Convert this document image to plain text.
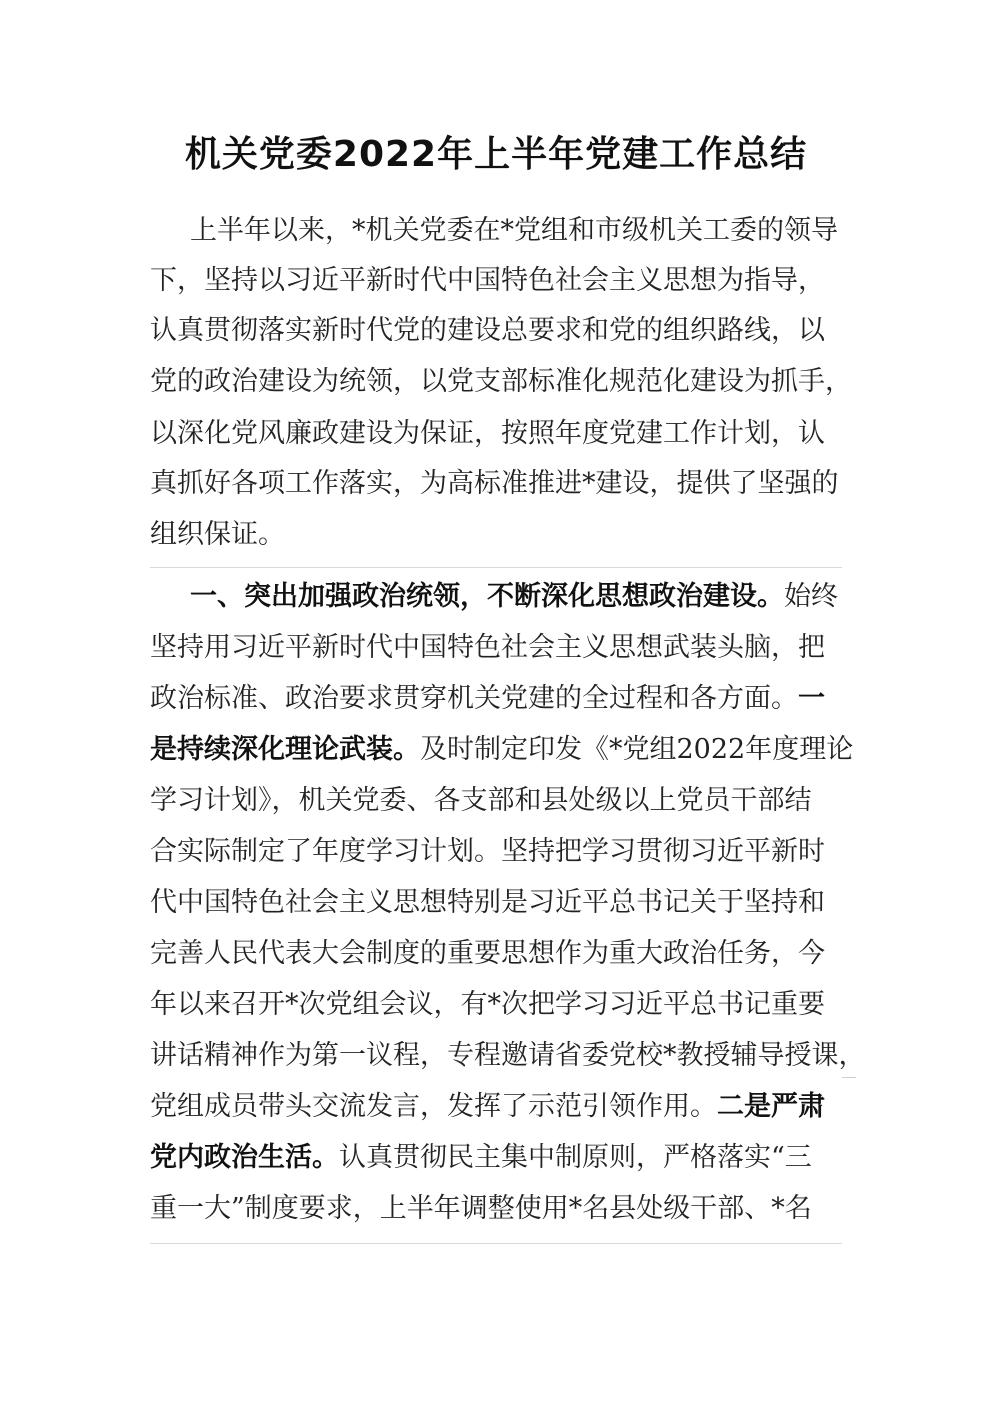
机关党委2022年上半年党建工作总结
上半年以来，*机关党委在*党组和市级机关工委的领导
下，坚持以习近平新时代中国特色社会主义思想为指导，
认真贯彻落实新时代党的建设总要求和党的组织路线，以
党的政治建设为统领，以党支部标准化规范化建设为抓手，
以深化党风廉政建设为保证，按照年度党建工作计划，认
真抓好各项工作落实，为高标准推进*建设，提供了坚强的
组织保证。
一、突出加强政治统领，不断深化思想政治建设。始终
坚持用习近平新时代中国特色社会主义思想武装头脑，把
政治标准、政治要求贯穿机关党建的全过程和各方面。一
是持续深化理论武装。及时制定印发《*党组2022年度理论
学习计划》，机关党委、各支部和县处级以上党员干部结
合实际制定了年度学习计划。坚持把学习贯彻习近平新时
代中国特色社会主义思想特别是习近平总书记关于坚持和
完善人民代表大会制度的重要思想作为重大政治任务，今
年以来召开*次党组会议，有*次把学习习近平总书记重要
讲话精神作为第一议程，专程邀请省委党校*教授辅导授课，
党组成员带头交流发言，发挥了示范引领作用。二是严肃
党内政治生活。认真贯彻民主集中制原则，严格落实“三
重一大”制度要求，上半年调整使用*名县处级干部、*名
